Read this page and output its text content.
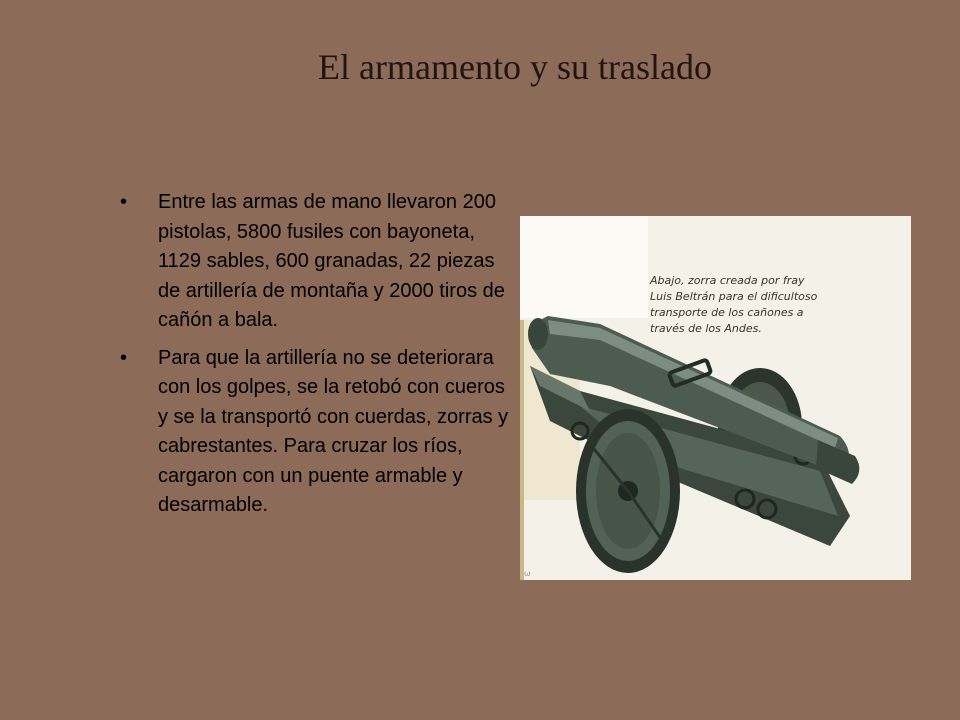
El armamento y su traslado
• Entre las armas de mano llevaron 200 pistolas, 5800 fusiles con bayoneta, 1129 sables, 600 granadas, 22 piezas de artillería de montaña y 2000 tiros de cañón a bala.
• Para que la artillería no se deteriorara con los golpes, se la retobó con cueros y se la transportó con cuerdas, zorras y cabrestantes. Para cruzar los ríos, cargaron con un puente armable y desarmable.
ω
Abajo, zorra creada por fray
Luis Beltrán para el dificultoso
transporte de los cañones a
través de los Andes.
